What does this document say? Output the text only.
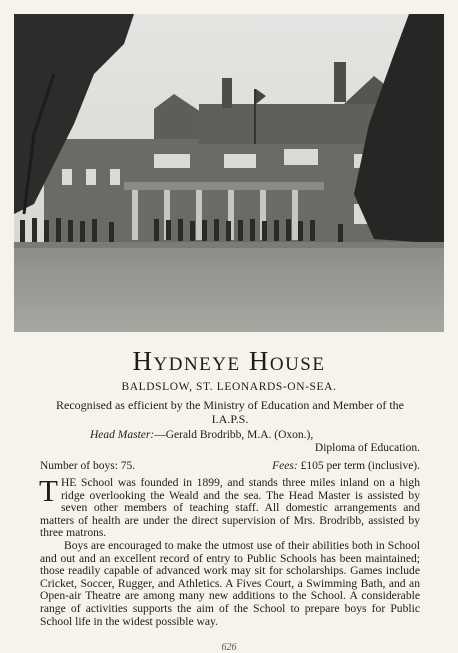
Hydneye House
BALDSLOW, ST. LEONARDS-ON-SEA.
Recognised as efficient by the Ministry of Education and Member of the I.A.P.S.
Head Master:—Gerald Brodribb, M.A. (Oxon.),
Diploma of Education.
Number of boys: 75.	Fees: £105 per term (inclusive).

THE School was founded in 1899, and stands three miles inland on a high ridge overlooking the Weald and the sea. The Head Master is assisted by seven other members of teaching staff. All domestic arrangements and matters of health are under the direct supervision of Mrs. Brodribb, assisted by three matrons.

Boys are encouraged to make the utmost use of their abilities both in School and out and an excellent record of entry to Public Schools has been maintained; those readily capable of advanced work may sit for scholarships. Games include Cricket, Soccer, Rugger, and Athletics. A Fives Court, a Swimming Bath, and an Open-air Theatre are among many new additions to the School. A considerable range of activities supports the aim of the School to prepare boys for Public School life in the widest possible way.

626
